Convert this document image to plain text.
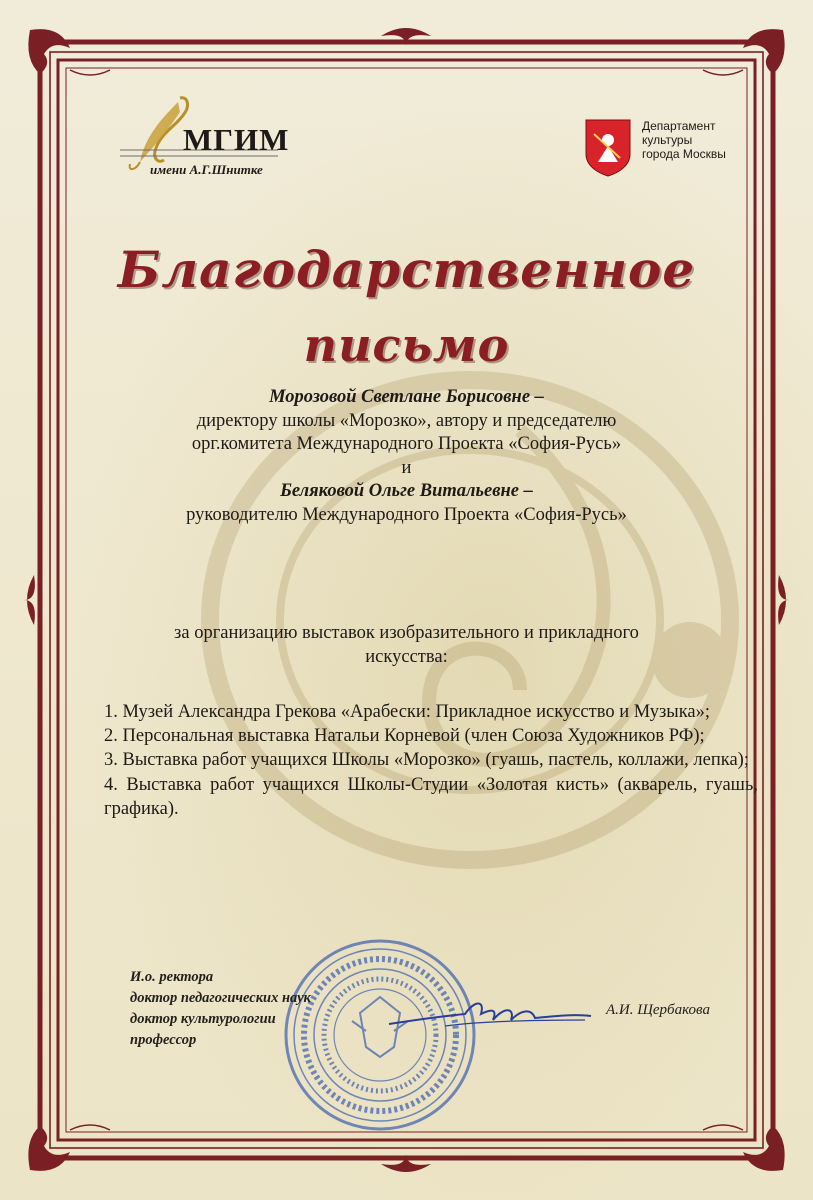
МГИМ
имени А.Г.Шнитке
Департамент
культуры
города Москвы
Благодарственное
письмо
Морозовой Светлане Борисовне –
директору школы «Морозко», автору и председателю
орг.комитета Международного Проекта «София-Русь»
и
Беляковой Ольге Витальевне –
руководителю Международного Проекта «София-Русь»
за организацию выставок изобразительного и прикладного искусства:

1. Музей Александра Грекова «Арабески: Прикладное искусство и Музыка»;

2. Персональная выставка Натальи Корневой (член Союза Художников РФ);

3. Выставка работ учащихся Школы «Морозко» (гуашь, пастель, коллажи, лепка);

4. Выставка работ учащихся Школы-Студии «Золотая кисть» (акварель, гуашь, графика).

И.о. ректора
доктор педагогических наук
доктор культурологии
профессор
А.И. Щербакова
